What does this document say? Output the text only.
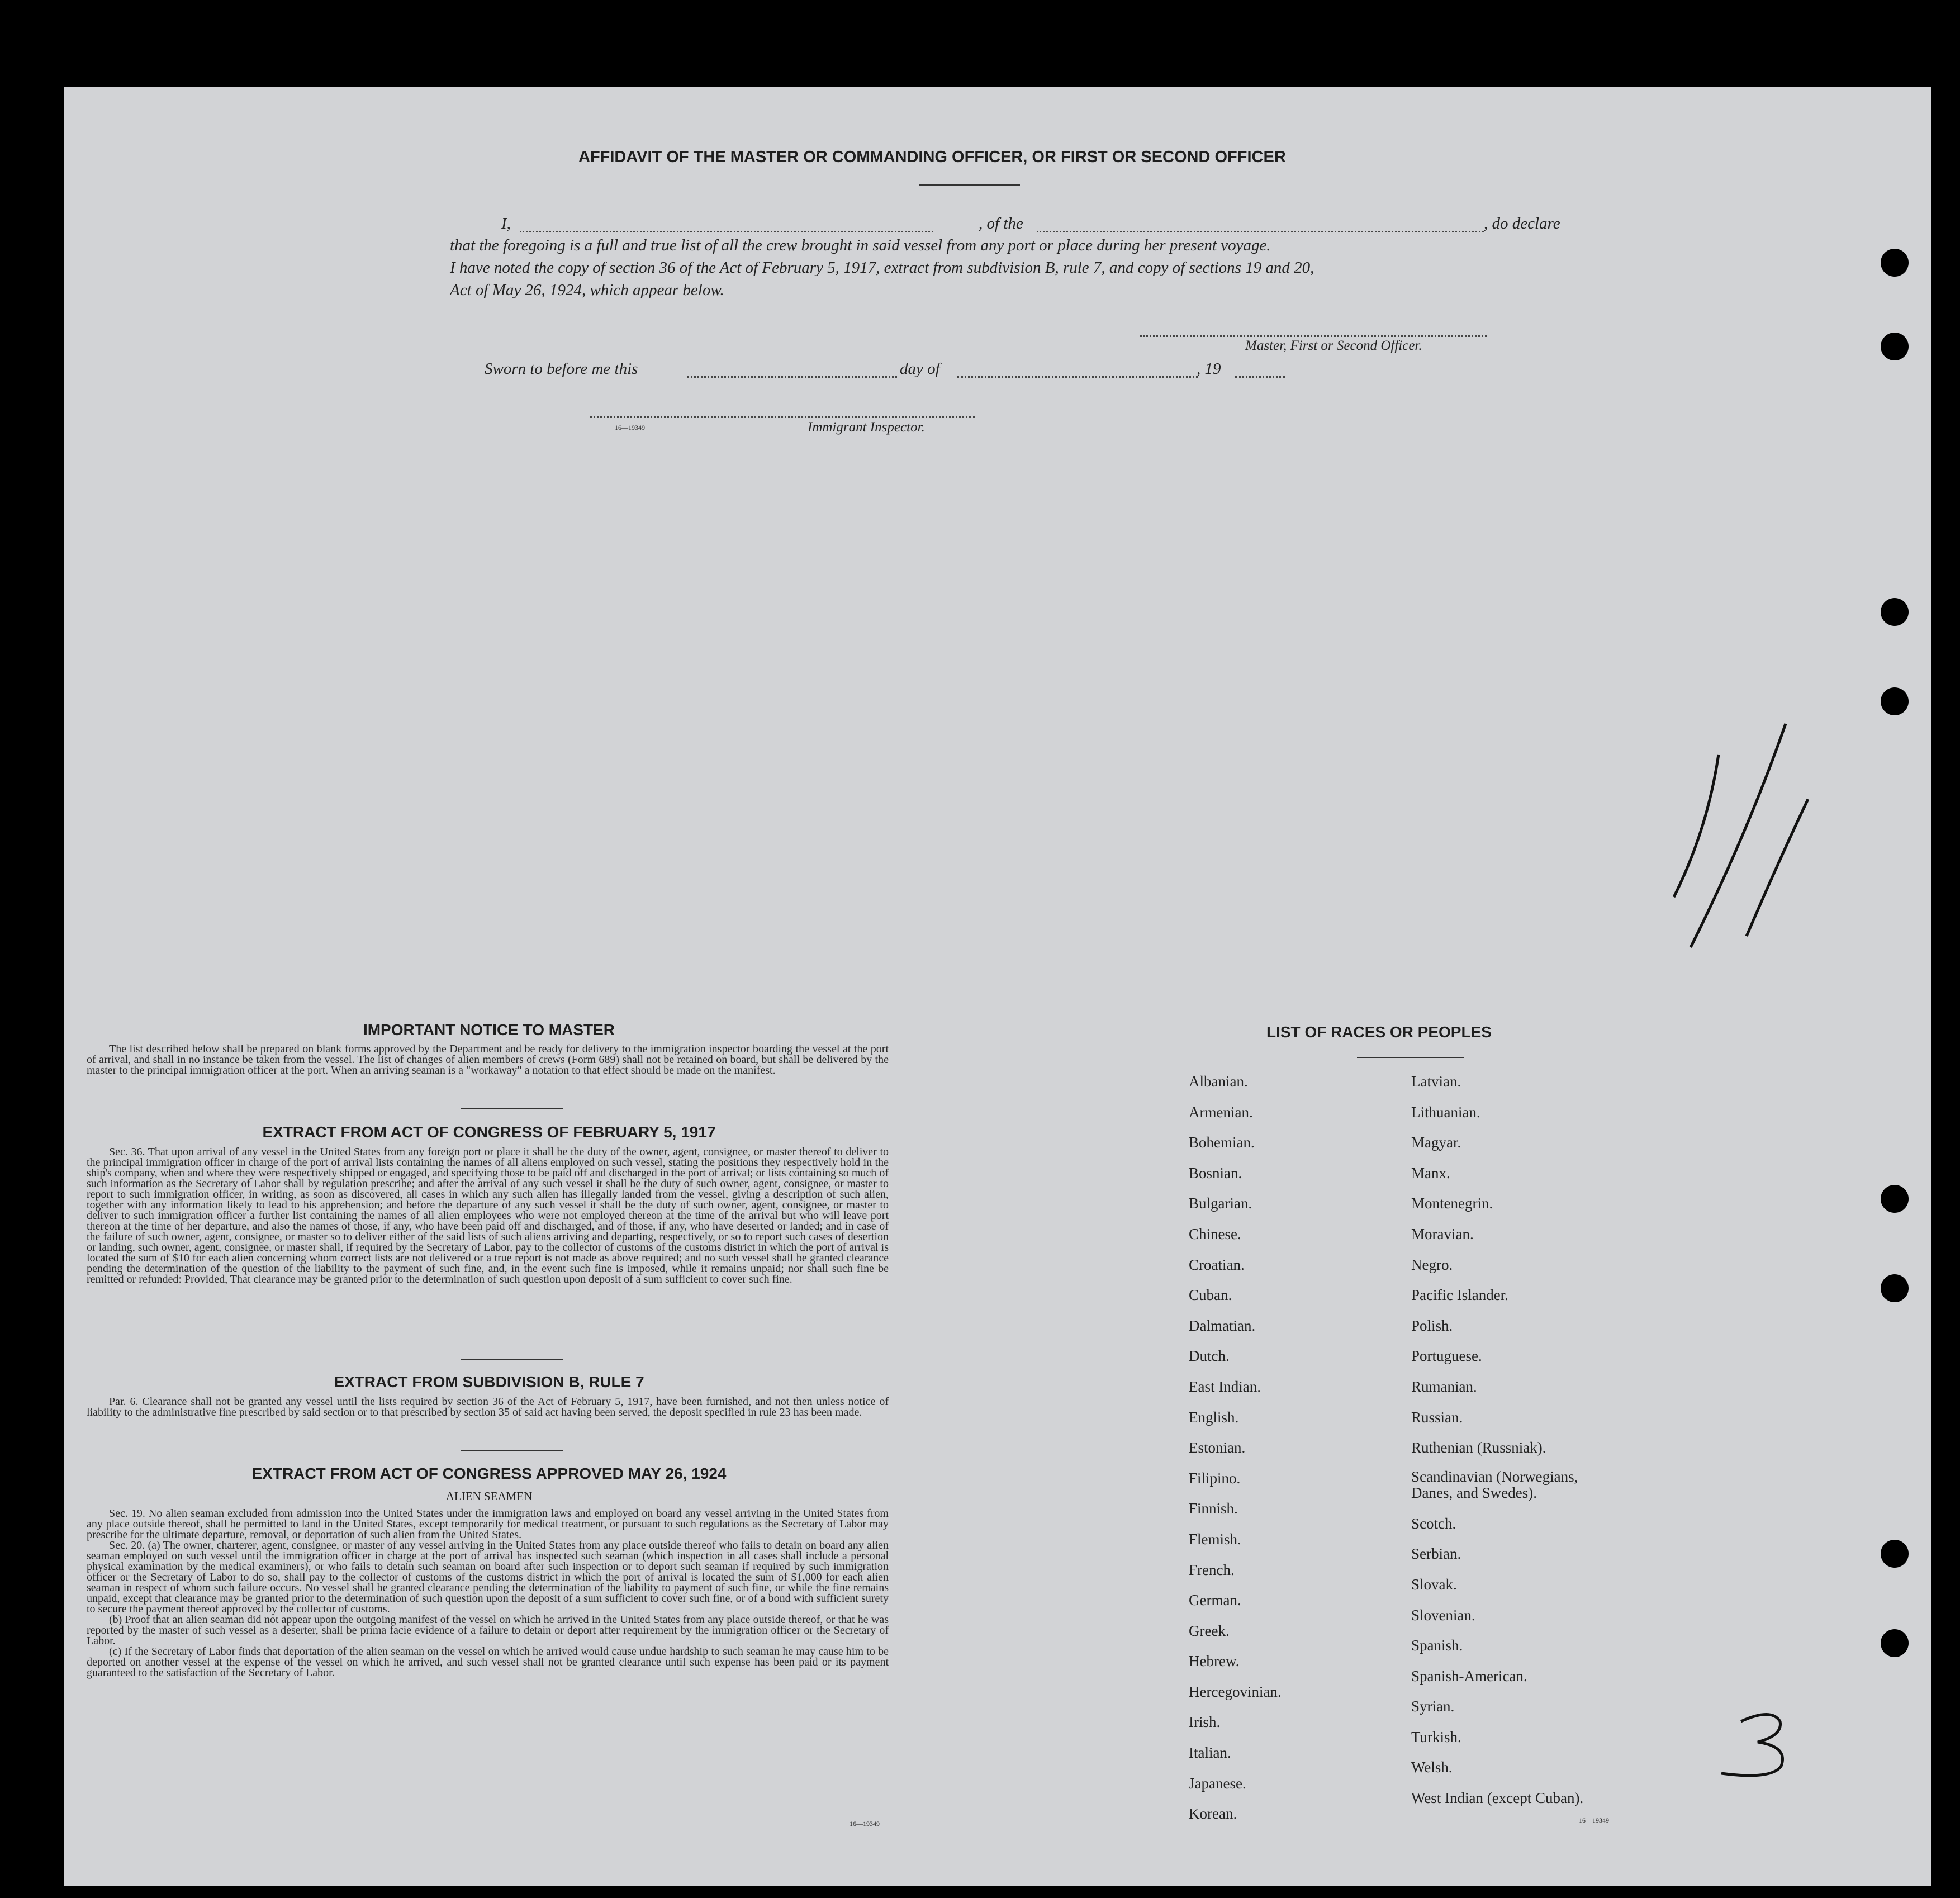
AFFIDAVIT OF THE MASTER OR COMMANDING OFFICER, OR FIRST OR SECOND OFFICER
I,	, of the	, do declare
that the foregoing is a full and true list of all the crew brought in said vessel from any port or place during her present voyage.
I have noted the copy of section 36 of the Act of February 5, 1917, extract from subdivision B, rule 7, and copy of sections 19 and 20,
Act of May 26, 1924, which appear below.
Master, First or Second Officer.
Sworn to before me this	day of	, 19
16—19349	Immigrant Inspector.
IMPORTANT NOTICE TO MASTER

The list described below shall be prepared on blank forms approved by the Department and be ready for delivery to the immigration inspector boarding the vessel at the port of arrival, and shall in no instance be taken from the vessel. The list of changes of alien members of crews (Form 689) shall not be retained on board, but shall be delivered by the master to the principal immigration officer at the port. When an arriving seaman is a "workaway" a notation to that effect should be made on the manifest.

EXTRACT FROM ACT OF CONGRESS OF FEBRUARY 5, 1917

Sec. 36. That upon arrival of any vessel in the United States from any foreign port or place it shall be the duty of the owner, agent, consignee, or master thereof to deliver to the principal immigration officer in charge of the port of arrival lists containing the names of all aliens employed on such vessel, stating the positions they respectively hold in the ship's company, when and where they were respectively shipped or engaged, and specifying those to be paid off and discharged in the port of arrival; or lists containing so much of such information as the Secretary of Labor shall by regulation prescribe; and after the arrival of any such vessel it shall be the duty of such owner, agent, consignee, or master to report to such immigration officer, in writing, as soon as discovered, all cases in which any such alien has illegally landed from the vessel, giving a description of such alien, together with any information likely to lead to his apprehension; and before the departure of any such vessel it shall be the duty of such owner, agent, consignee, or master to deliver to such immigration officer a further list containing the names of all alien employees who were not employed thereon at the time of the arrival but who will leave port thereon at the time of her departure, and also the names of those, if any, who have been paid off and discharged, and of those, if any, who have deserted or landed; and in case of the failure of such owner, agent, consignee, or master so to deliver either of the said lists of such aliens arriving and departing, respectively, or so to report such cases of desertion or landing, such owner, agent, consignee, or master shall, if required by the Secretary of Labor, pay to the collector of customs of the customs district in which the port of arrival is located the sum of $10 for each alien concerning whom correct lists are not delivered or a true report is not made as above required; and no such vessel shall be granted clearance pending the determination of the question of the liability to the payment of such fine, and, in the event such fine is imposed, while it remains unpaid; nor shall such fine be remitted or refunded: Provided, That clearance may be granted prior to the determination of such question upon deposit of a sum sufficient to cover such fine.

EXTRACT FROM SUBDIVISION B, RULE 7

Par. 6. Clearance shall not be granted any vessel until the lists required by section 36 of the Act of February 5, 1917, have been furnished, and not then unless notice of liability to the administrative fine prescribed by said section or to that prescribed by section 35 of said act having been served, the deposit specified in rule 23 has been made.

EXTRACT FROM ACT OF CONGRESS APPROVED MAY 26, 1924
ALIEN SEAMEN

Sec. 19. No alien seaman excluded from admission into the United States under the immigration laws and employed on board any vessel arriving in the United States from any place outside thereof, shall be permitted to land in the United States, except temporarily for medical treatment, or pursuant to such regulations as the Secretary of Labor may prescribe for the ultimate departure, removal, or deportation of such alien from the United States.

Sec. 20. (a) The owner, charterer, agent, consignee, or master of any vessel arriving in the United States from any place outside thereof who fails to detain on board any alien seaman employed on such vessel until the immigration officer in charge at the port of arrival has inspected such seaman (which inspection in all cases shall include a personal physical examination by the medical examiners), or who fails to detain such seaman on board after such inspection or to deport such seaman if required by such immigration officer or the Secretary of Labor to do so, shall pay to the collector of customs of the customs district in which the port of arrival is located the sum of $1,000 for each alien seaman in respect of whom such failure occurs. No vessel shall be granted clearance pending the determination of the liability to payment of such fine, or while the fine remains unpaid, except that clearance may be granted prior to the determination of such question upon the deposit of a sum sufficient to cover such fine, or of a bond with sufficient surety to secure the payment thereof approved by the collector of customs.

(b) Proof that an alien seaman did not appear upon the outgoing manifest of the vessel on which he arrived in the United States from any place outside thereof, or that he was reported by the master of such vessel as a deserter, shall be prima facie evidence of a failure to detain or deport after requirement by the immigration officer or the Secretary of Labor.

(c) If the Secretary of Labor finds that deportation of the alien seaman on the vessel on which he arrived would cause undue hardship to such seaman he may cause him to be deported on another vessel at the expense of the vessel on which he arrived, and such vessel shall not be granted clearance until such expense has been paid or its payment guaranteed to the satisfaction of the Secretary of Labor.

16—19349
LIST OF RACES OR PEOPLES
Albanian.
Armenian.
Bohemian.
Bosnian.
Bulgarian.
Chinese.
Croatian.
Cuban.
Dalmatian.
Dutch.
East Indian.
English.
Estonian.
Filipino.
Finnish.
Flemish.
French.
German.
Greek.
Hebrew.
Hercegovinian.
Irish.
Italian.
Japanese.
Korean.
Latvian.
Lithuanian.
Magyar.
Manx.
Montenegrin.
Moravian.
Negro.
Pacific Islander.
Polish.
Portuguese.
Rumanian.
Russian.
Ruthenian (Russniak).
Scandinavian (Norwegians, Danes, and Swedes).
Scotch.
Serbian.
Slovak.
Slovenian.
Spanish.
Spanish-American.
Syrian.
Turkish.
Welsh.
West Indian (except Cuban).
16—19349
